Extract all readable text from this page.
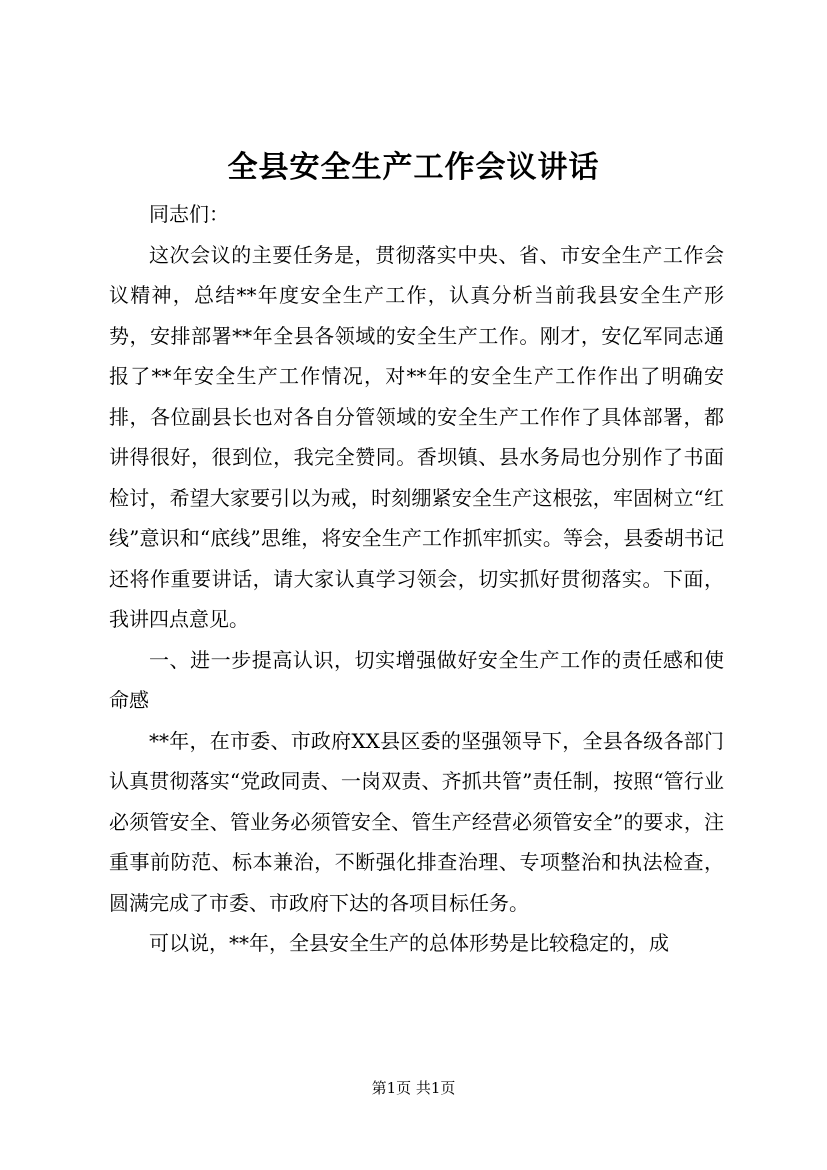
全县安全生产工作会议讲话

同志们：

这次会议的主要任务是，贯彻落实中央、省、市安全生产工作会议精神，总结**年度安全生产工作，认真分析当前我县安全生产形势，安排部署**年全县各领域的安全生产工作。刚才，安亿军同志通报了**年安全生产工作情况，对**年的安全生产工作作出了明确安排，各位副县长也对各自分管领域的安全生产工作作了具体部署，都讲得很好，很到位，我完全赞同。香坝镇、县水务局也分别作了书面检讨，希望大家要引以为戒，时刻绷紧安全生产这根弦，牢固树立“红线”意识和“底线”思维，将安全生产工作抓牢抓实。等会，县委胡书记还将作重要讲话，请大家认真学习领会，切实抓好贯彻落实。下面，我讲四点意见。

一、进一步提高认识，切实增强做好安全生产工作的责任感和使命感

**年，在市委、市政府XX县区委的坚强领导下，全县各级各部门认真贯彻落实“党政同责、一岗双责、齐抓共管”责任制，按照“管行业必须管安全、管业务必须管安全、管生产经营必须管安全”的要求，注重事前防范、标本兼治，不断强化排查治理、专项整治和执法检查，圆满完成了市委、市政府下达的各项目标任务。

可以说，**年，全县安全生产的总体形势是比较稳定的，成

第1页 共1页
